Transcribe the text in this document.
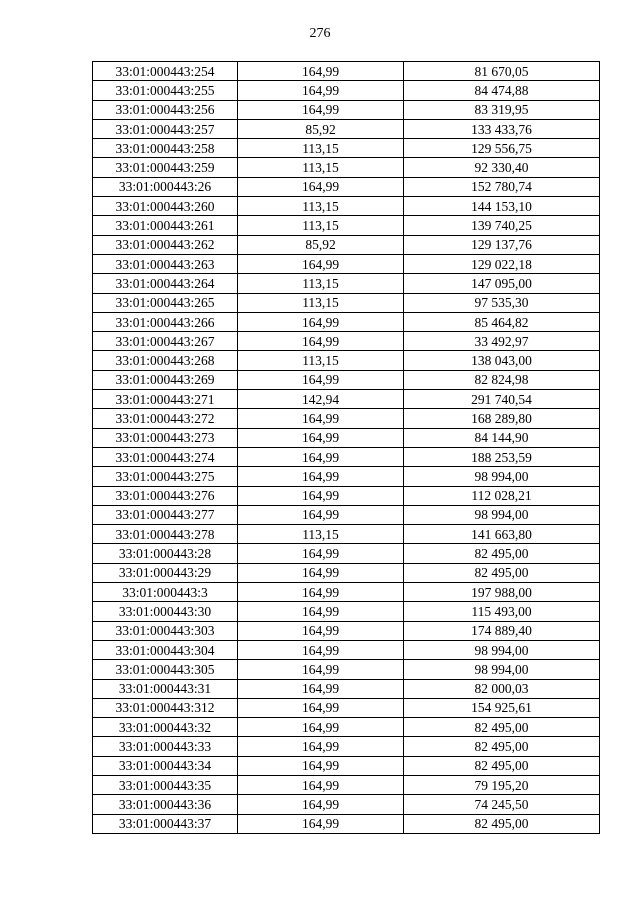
276
33:01:000443:254	164,99	81 670,05
33:01:000443:255	164,99	84 474,88
33:01:000443:256	164,99	83 319,95
33:01:000443:257	85,92	133 433,76
33:01:000443:258	113,15	129 556,75
33:01:000443:259	113,15	92 330,40
33:01:000443:26	164,99	152 780,74
33:01:000443:260	113,15	144 153,10
33:01:000443:261	113,15	139 740,25
33:01:000443:262	85,92	129 137,76
33:01:000443:263	164,99	129 022,18
33:01:000443:264	113,15	147 095,00
33:01:000443:265	113,15	97 535,30
33:01:000443:266	164,99	85 464,82
33:01:000443:267	164,99	33 492,97
33:01:000443:268	113,15	138 043,00
33:01:000443:269	164,99	82 824,98
33:01:000443:271	142,94	291 740,54
33:01:000443:272	164,99	168 289,80
33:01:000443:273	164,99	84 144,90
33:01:000443:274	164,99	188 253,59
33:01:000443:275	164,99	98 994,00
33:01:000443:276	164,99	112 028,21
33:01:000443:277	164,99	98 994,00
33:01:000443:278	113,15	141 663,80
33:01:000443:28	164,99	82 495,00
33:01:000443:29	164,99	82 495,00
33:01:000443:3	164,99	197 988,00
33:01:000443:30	164,99	115 493,00
33:01:000443:303	164,99	174 889,40
33:01:000443:304	164,99	98 994,00
33:01:000443:305	164,99	98 994,00
33:01:000443:31	164,99	82 000,03
33:01:000443:312	164,99	154 925,61
33:01:000443:32	164,99	82 495,00
33:01:000443:33	164,99	82 495,00
33:01:000443:34	164,99	82 495,00
33:01:000443:35	164,99	79 195,20
33:01:000443:36	164,99	74 245,50
33:01:000443:37	164,99	82 495,00
